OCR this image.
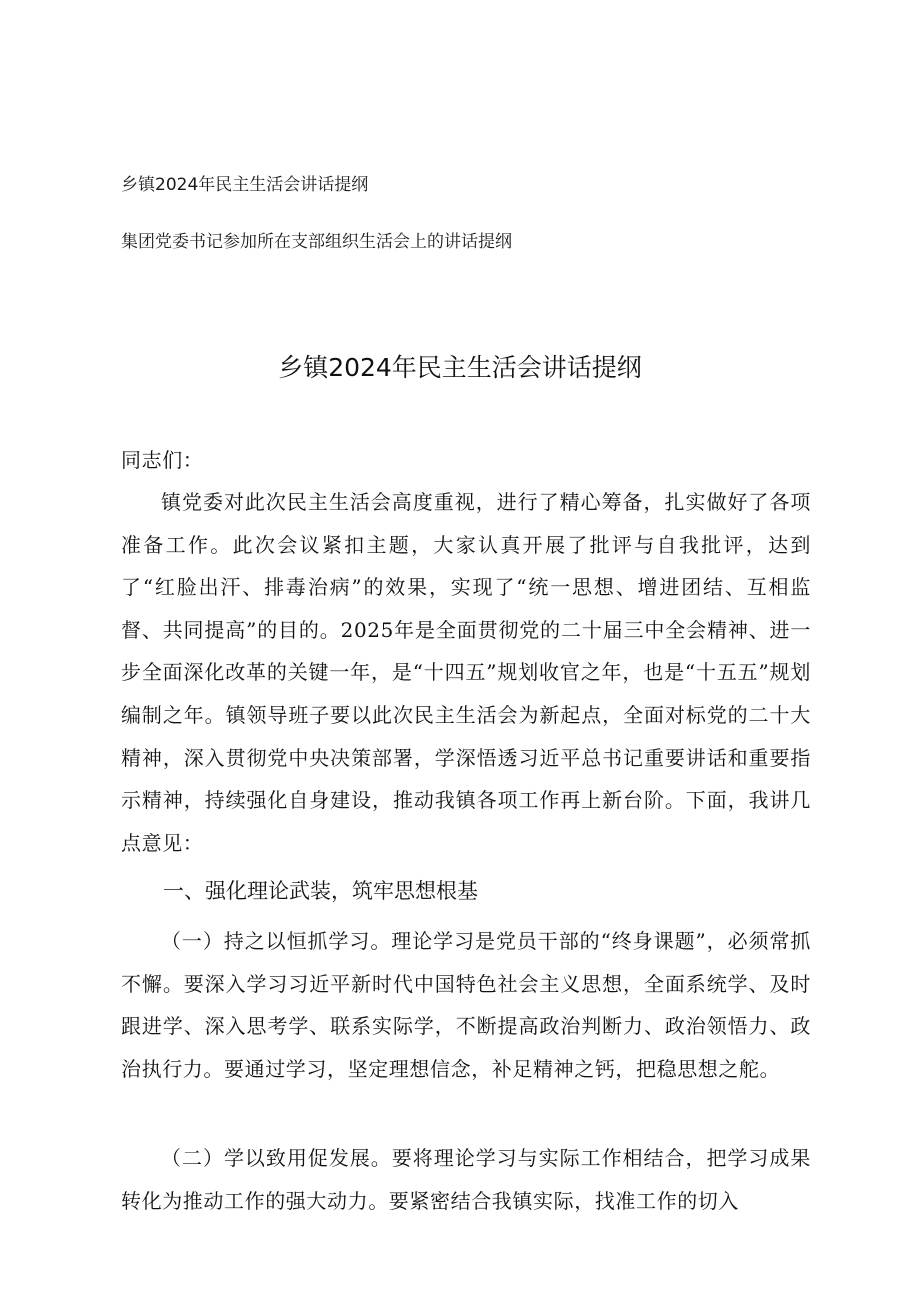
乡镇2024年民主生活会讲话提纲
集团党委书记参加所在支部组织生活会上的讲话提纲
乡镇2024年民主生活会讲话提纲
同志们：
镇党委对此次民主生活会高度重视，进行了精心筹备，扎实做好了各项准备工作。此次会议紧扣主题，大家认真开展了批评与自我批评，达到了“红脸出汗、排毒治病”的效果，实现了“统一思想、增进团结、互相监督、共同提高”的目的。2025年是全面贯彻党的二十届三中全会精神、进一步全面深化改革的关键一年，是“十四五”规划收官之年，也是“十五五”规划编制之年。镇领导班子要以此次民主生活会为新起点，全面对标党的二十大精神，深入贯彻党中央决策部署，学深悟透习近平总书记重要讲话和重要指示精神，持续强化自身建设，推动我镇各项工作再上新台阶。下面，我讲几点意见：
一、强化理论武装，筑牢思想根基
（一）持之以恒抓学习。理论学习是党员干部的“终身课题”，必须常抓不懈。要深入学习习近平新时代中国特色社会主义思想，全面系统学、及时跟进学、深入思考学、联系实际学，不断提高政治判断力、政治领悟力、政治执行力。要通过学习，坚定理想信念，补足精神之钙，把稳思想之舵。
（二）学以致用促发展。要将理论学习与实际工作相结合，把学习成果转化为推动工作的强大动力。要紧密结合我镇实际，找准工作的切入
